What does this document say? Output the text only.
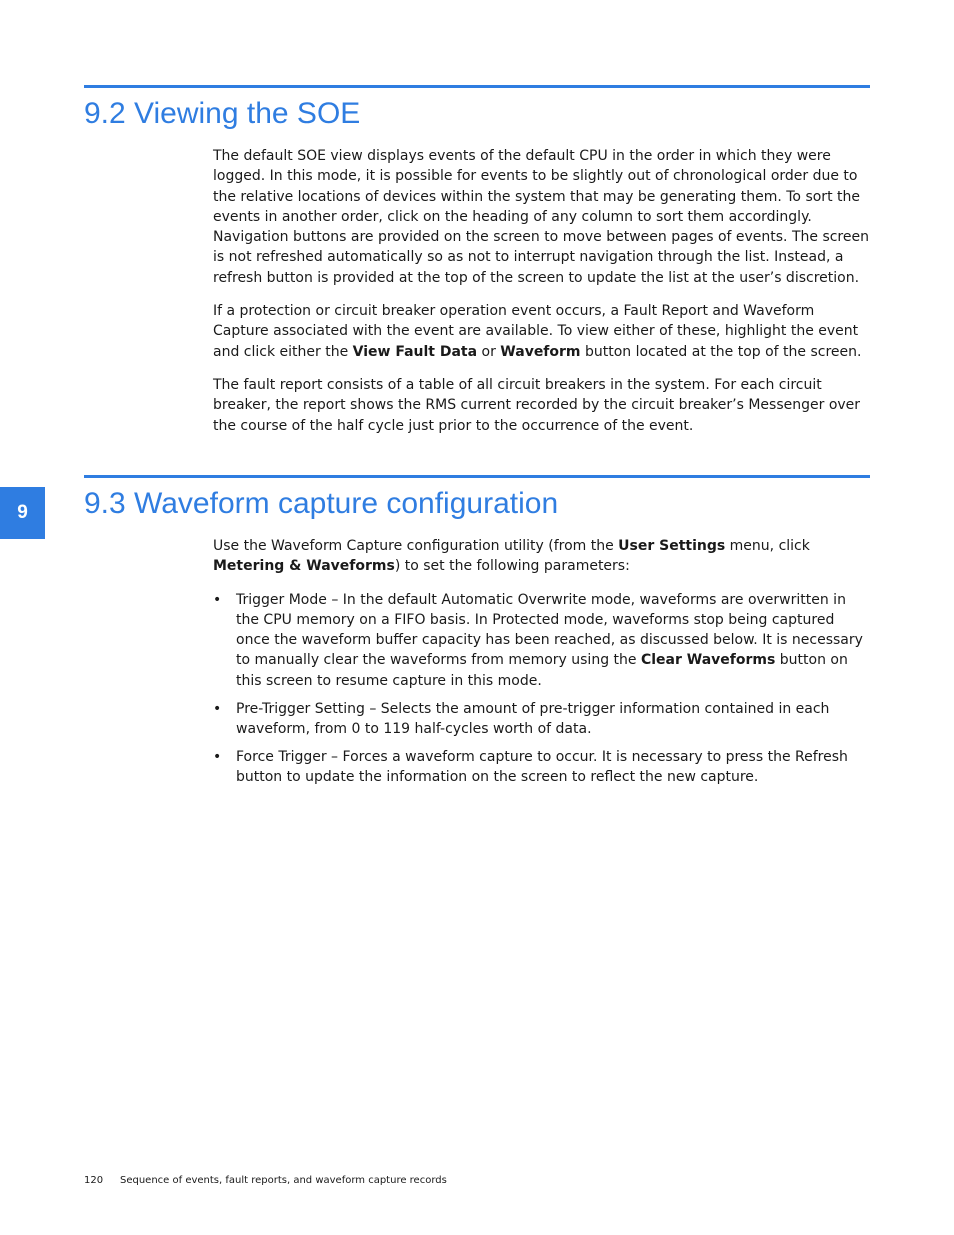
9.2 Viewing the SOE

The default SOE view displays events of the default CPU in the order in which they were logged. In this mode, it is possible for events to be slightly out of chronological order due to the relative locations of devices within the system that may be generating them. To sort the events in another order, click on the heading of any column to sort them accordingly. Navigation buttons are provided on the screen to move between pages of events. The screen is not refreshed automatically so as not to interrupt navigation through the list. Instead, a refresh button is provided at the top of the screen to update the list at the user’s discretion.

If a protection or circuit breaker operation event occurs, a Fault Report and Waveform Capture associated with the event are available. To view either of these, highlight the event and click either the View Fault Data or Waveform button located at the top of the screen.

The fault report consists of a table of all circuit breakers in the system. For each circuit breaker, the report shows the RMS current recorded by the circuit breaker’s Messenger over the course of the half cycle just prior to the occurrence of the event.

9	9.3 Waveform capture configuration

Use the Waveform Capture configuration utility (from the User Settings menu, click Metering & Waveforms) to set the following parameters:

• Trigger Mode – In the default Automatic Overwrite mode, waveforms are overwritten in the CPU memory on a FIFO basis. In Protected mode, waveforms stop being captured once the waveform buffer capacity has been reached, as discussed below. It is necessary to manually clear the waveforms from memory using the Clear Waveforms button on this screen to resume capture in this mode.
• Pre-Trigger Setting – Selects the amount of pre-trigger information contained in each waveform, from 0 to 119 half-cycles worth of data.
• Force Trigger – Forces a waveform capture to occur. It is necessary to press the Refresh button to update the information on the screen to reflect the new capture.
120 Sequence of events, fault reports, and waveform capture records
